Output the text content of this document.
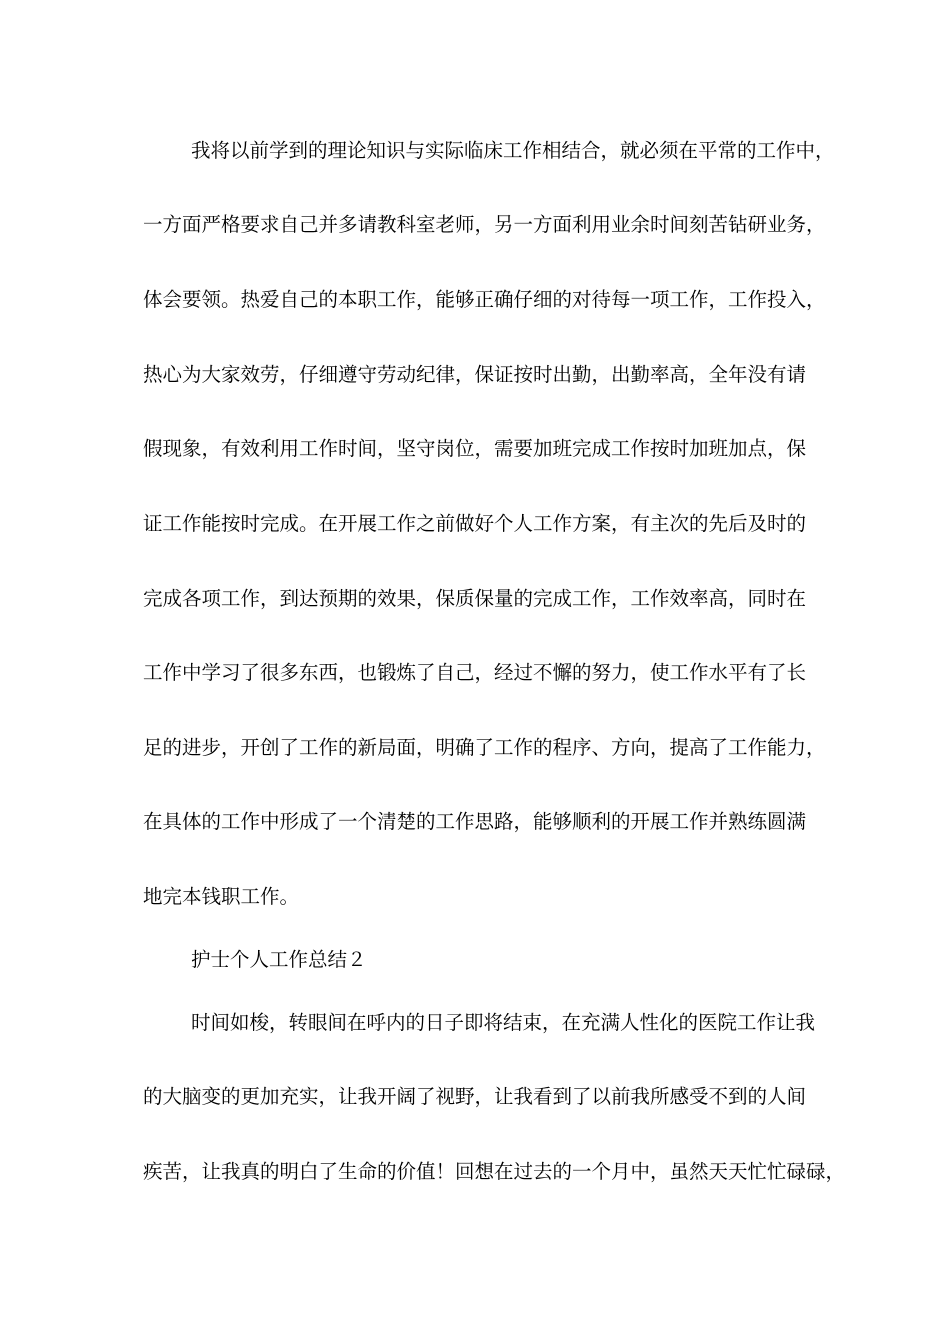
我将以前学到的理论知识与实际临床工作相结合，就必须在平常的工作中，
一方面严格要求自己并多请教科室老师，另一方面利用业余时间刻苦钻研业务，
体会要领。热爱自己的本职工作，能够正确仔细的对待每一项工作，工作投入，
热心为大家效劳，仔细遵守劳动纪律，保证按时出勤，出勤率高，全年没有请
假现象，有效利用工作时间，坚守岗位，需要加班完成工作按时加班加点，保
证工作能按时完成。在开展工作之前做好个人工作方案，有主次的先后及时的
完成各项工作，到达预期的效果，保质保量的完成工作，工作效率高，同时在
工作中学习了很多东西，也锻炼了自己，经过不懈的努力，使工作水平有了长
足的进步，开创了工作的新局面，明确了工作的程序、方向，提高了工作能力，
在具体的工作中形成了一个清楚的工作思路，能够顺利的开展工作并熟练圆满
地完本钱职工作。
护士个人工作总结２
时间如梭，转眼间在呼内的日子即将结束，在充满人性化的医院工作让我
的大脑变的更加充实，让我开阔了视野，让我看到了以前我所感受不到的人间
疾苦，让我真的明白了生命的价值！回想在过去的一个月中，虽然天天忙忙碌碌，
